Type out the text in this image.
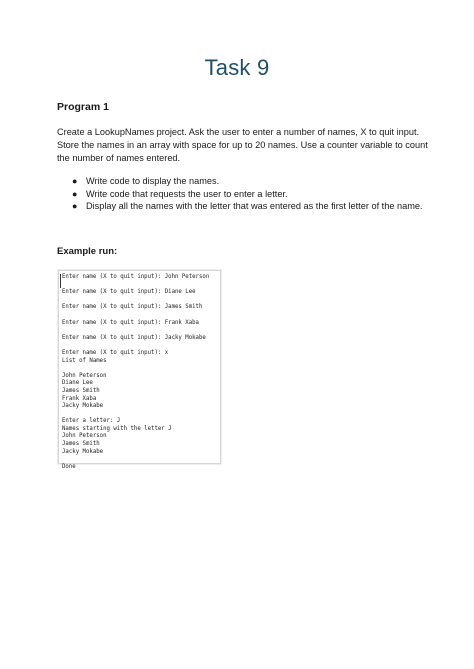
Task 9
Program 1

Create a LookupNames project. Ask the user to enter a number of names, X to quit input. Store the names in an array with space for up to 20 names. Use a counter variable to count the number of names entered.

● Write code to display the names.
● Write code that requests the user to enter a letter.
● Display all the names with the letter that was entered as the first letter of the name.
Example run:
Enter name (X to quit input): John Peterson
Enter name (X to quit input): Diane Lee
Enter name (X to quit input): James Smith
Enter name (X to quit input): Frank Xaba
Enter name (X to quit input): Jacky Mokabe
Enter name (X to quit input): x
List of Names
John Peterson
Diane Lee
James Smith
Frank Xaba
Jacky Mokabe
Enter a letter: J
Names starting with the letter J
John Peterson
James Smith
Jacky Mokabe
Done
